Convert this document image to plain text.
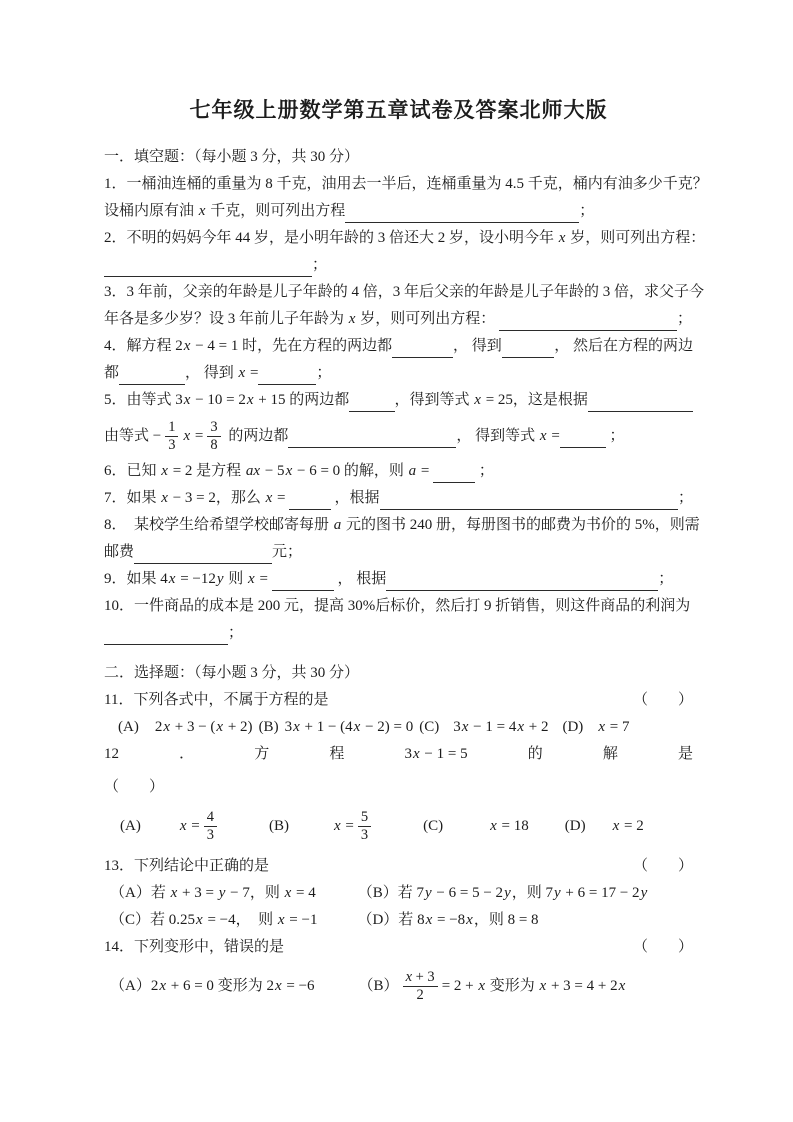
七年级上册数学第五章试卷及答案北师大版
一．填空题：（每小题 3 分，共 30 分）
1．一桶油连桶的重量为 8 千克，油用去一半后，连桶重量为 4.5 千克，桶内有油多少千克？
设桶内原有油 x 千克，则可列出方程	；
2．不明的妈妈今年 44 岁，是小明年龄的 3 倍还大 2 岁，设小明今年 x 岁，则可列出方程：
；
3．3 年前，父亲的年龄是儿子年龄的 4 倍，3 年后父亲的年龄是儿子年龄的 3 倍，求父子今
年各是多少岁？设 3 年前儿子年龄为 x 岁，则可列出方程：	；
4．解方程 2x − 4 = 1 时，先在方程的两边都	， 得到	， 然后在方程的两边
都	， 得到 x =	；
5．由等式 3x − 10 = 2x + 15 的两边都	，得到等式 x = 25 ，这是根据
由等式 − $\frac{1}{3}$ $x = \frac{3}{8}$ 的两边都	， 得到等式 x =	；
6．已知 x = 2 是方程 ax − 5x − 6 = 0 的解，则 a =	；
7．如果 x − 3 = 2 ，那么 x =	，根据	；
8．　某校学生给希望学校邮寄每册 a 元的图书 240 册，每册图书的邮费为书价的 5%，则需
邮费	元；
9．如果 4x = −12y 则 x =	， 根据	；
10．一件商品的成本是 200 元，提高 30%后标价，然后打 9 折销售，则这件商品的利润为
；
二．选择题：（每小题 3 分，共 30 分）
11．下列各式中，不属于方程的是	（　　）
(A) 2x + 3 − (x + 2) (B) 3x + 1 − (4x − 2) = 0 (C) 3x − 1 = 4x + 2 (D) x = 7
12	．	方	程	3x − 1 = 5	的	解	是
（　　）
(A)	$x = \frac{4}{3}$	(B)	$x = \frac{5}{3}$	(C)	x = 18 (D) x = 2
13．下列结论中正确的是	（　　）
（A）若 x + 3 = y − 7 ，则 x = 4	（B）若 7y − 6 = 5 − 2y ，则 7y + 6 = 17 − 2y
（C）若 0.25x = −4 ，　则 x = −1	（D）若 8x = −8x ，则 8 = 8
14．下列变形中，错误的是	（　　）
（A） 2x + 6 = 0 变形为 2x = −6	$(B) \frac{x + 3}{2} = 2 + x$ 变形为 x + 3 = 4 + 2x
